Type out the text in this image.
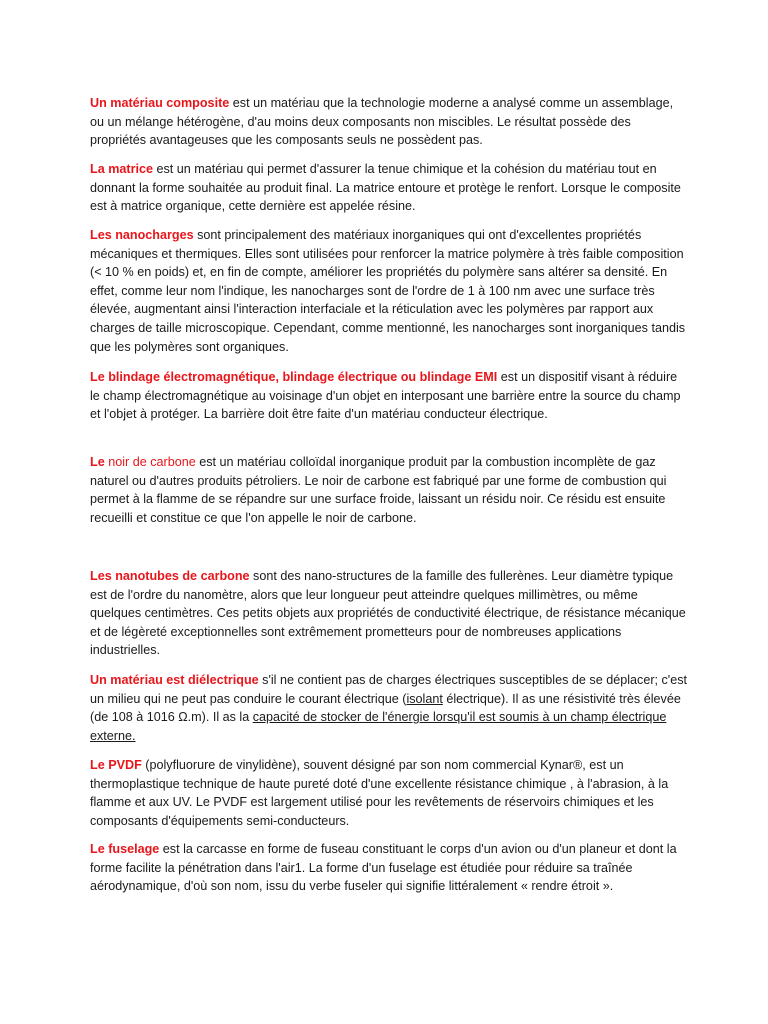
Un matériau composite est un matériau que la technologie moderne a analysé comme un assemblage, ou un mélange hétérogène, d'au moins deux composants non miscibles. Le résultat possède des propriétés avantageuses que les composants seuls ne possèdent pas.

La matrice est un matériau qui permet d'assurer la tenue chimique et la cohésion du matériau tout en donnant la forme souhaitée au produit final. La matrice entoure et protège le renfort. Lorsque le composite est à matrice organique, cette dernière est appelée résine.

Les nanocharges sont principalement des matériaux inorganiques qui ont d'excellentes propriétés mécaniques et thermiques. Elles sont utilisées pour renforcer la matrice polymère à très faible composition (< 10 % en poids) et, en fin de compte, améliorer les propriétés du polymère sans altérer sa densité. En effet, comme leur nom l'indique, les nanocharges sont de l'ordre de 1 à 100 nm avec une surface très élevée, augmentant ainsi l'interaction interfaciale et la réticulation avec les polymères par rapport aux charges de taille microscopique. Cependant, comme mentionné, les nanocharges sont inorganiques tandis que les polymères sont organiques.

Le blindage électromagnétique, blindage électrique ou blindage EMI est un dispositif visant à réduire le champ électromagnétique au voisinage d'un objet en interposant une barrière entre la source du champ et l'objet à protéger. La barrière doit être faite d'un matériau conducteur électrique.

Le noir de carbone est un matériau colloïdal inorganique produit par la combustion incomplète de gaz naturel ou d'autres produits pétroliers. Le noir de carbone est fabriqué par une forme de combustion qui permet à la flamme de se répandre sur une surface froide, laissant un résidu noir. Ce résidu est ensuite recueilli et constitue ce que l'on appelle le noir de carbone.

Les nanotubes de carbone sont des nano-structures de la famille des fullerènes. Leur diamètre typique est de l'ordre du nanomètre, alors que leur longueur peut atteindre quelques millimètres, ou même quelques centimètres. Ces petits objets aux propriétés de conductivité électrique, de résistance mécanique et de légèreté exceptionnelles sont extrêmement prometteurs pour de nombreuses applications industrielles.

Un matériau est diélectrique s'il ne contient pas de charges électriques susceptibles de se déplacer; c'est un milieu qui ne peut pas conduire le courant électrique (isolant électrique). Il as une résistivité très élevée (de 108 à 1016 Ω.m). Il as la capacité de stocker de l'énergie lorsqu'il est soumis à un champ électrique externe.

Le PVDF (polyfluorure de vinylidène), souvent désigné par son nom commercial Kynar®, est un thermoplastique technique de haute pureté doté d'une excellente résistance chimique , à l'abrasion, à la flamme et aux UV. Le PVDF est largement utilisé pour les revêtements de réservoirs chimiques et les composants d'équipements semi-conducteurs.

Le fuselage est la carcasse en forme de fuseau constituant le corps d'un avion ou d'un planeur et dont la forme facilite la pénétration dans l'air1. La forme d'un fuselage est étudiée pour réduire sa traînée aérodynamique, d'où son nom, issu du verbe fuseler qui signifie littéralement « rendre étroit ».
